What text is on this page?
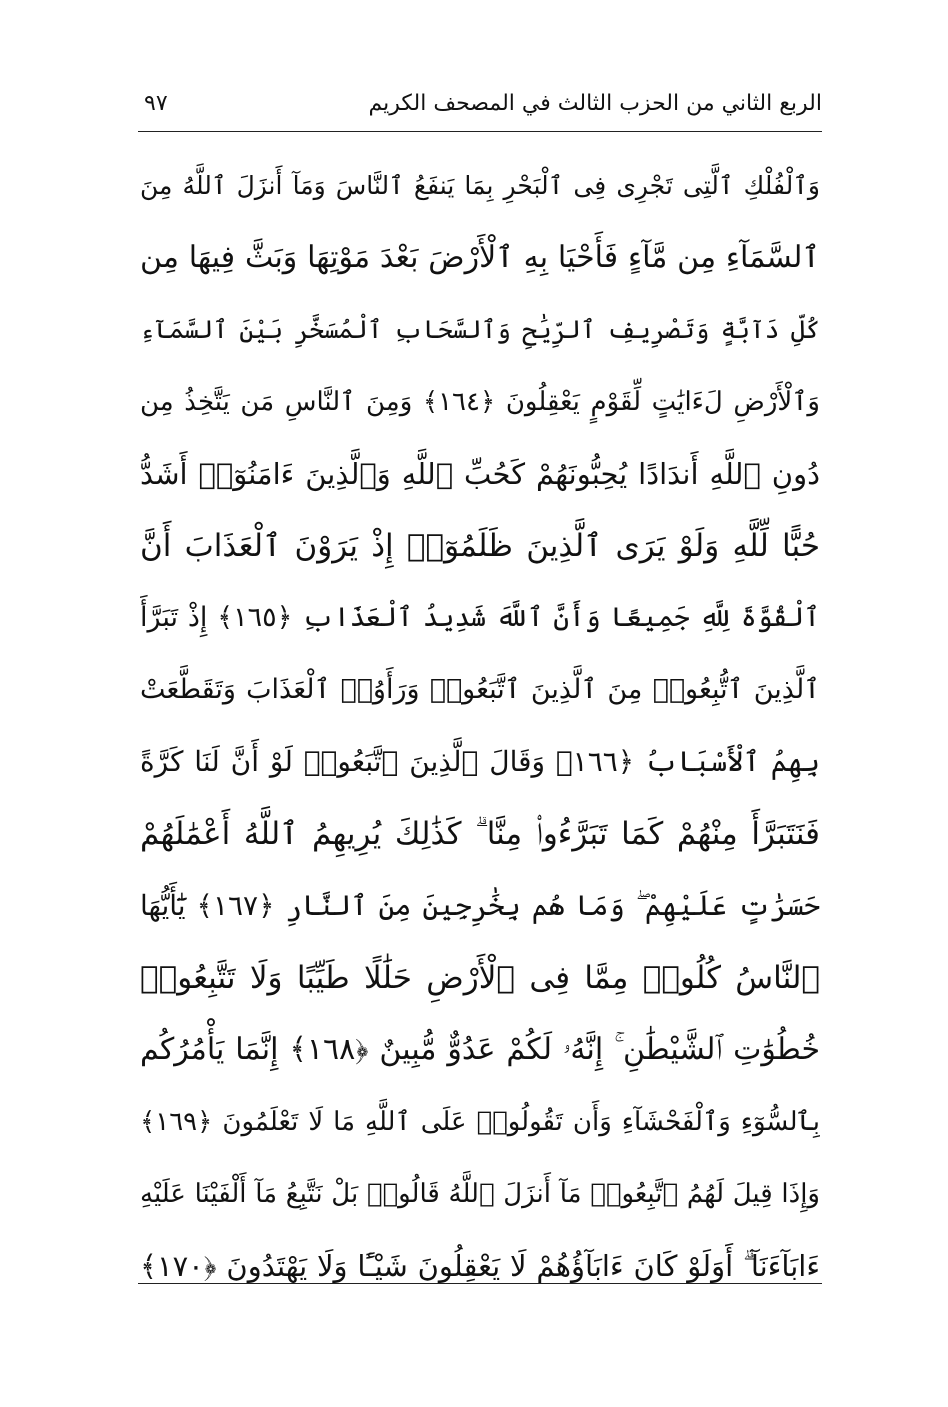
الربع الثاني من الحزب الثالث في المصحف الكريم
٩٧
وَٱلْفُلْكِ ٱلَّتِى تَجْرِى فِى ٱلْبَحْرِ بِمَا يَنفَعُ ٱلنَّاسَ وَمَآ أَنزَلَ ٱللَّهُ مِنَ
ٱلسَّمَآءِ مِن مَّآءٍ فَأَحْيَا بِهِ ٱلْأَرْضَ بَعْدَ مَوْتِهَا وَبَثَّ فِيهَا مِن
كُلِّ دَآبَّةٍ وَتَصْرِيفِ ٱلرِّيَٰحِ وَٱلسَّحَابِ ٱلْمُسَخَّرِ بَيْنَ ٱلسَّمَآءِ
وَٱلْأَرْضِ لَءَايَٰتٍ لِّقَوْمٍ يَعْقِلُونَ ﴿١٦٤﴾ وَمِنَ ٱلنَّاسِ مَن يَتَّخِذُ مِن
دُونِ ٱللَّهِ أَندَادًا يُحِبُّونَهُمْ كَحُبِّ ٱللَّهِ وَٱلَّذِينَ ءَامَنُوٓا۟ أَشَدُّ
حُبًّا لِّلَّهِ وَلَوْ يَرَى ٱلَّذِينَ ظَلَمُوٓا۟ إِذْ يَرَوْنَ ٱلْعَذَابَ أَنَّ
ٱلْقُوَّةَ لِلَّهِ جَمِيعًا وَأَنَّ ٱللَّهَ شَدِيدُ ٱلْعَذَابِ ﴿١٦٥﴾ إِذْ تَبَرَّأَ
ٱلَّذِينَ ٱتُّبِعُوا۟ مِنَ ٱلَّذِينَ ٱتَّبَعُوا۟ وَرَأَوُا۟ ٱلْعَذَابَ وَتَقَطَّعَتْ
بِهِمُ ٱلْأَسْبَابُ ﴿١٦٦﴾ وَقَالَ ٱلَّذِينَ ٱتَّبَعُوا۟ لَوْ أَنَّ لَنَا كَرَّةً
فَنَتَبَرَّأَ مِنْهُمْ كَمَا تَبَرَّءُوا۟ مِنَّا ۗ كَذَٰلِكَ يُرِيهِمُ ٱللَّهُ أَعْمَٰلَهُمْ
حَسَرَٰتٍ عَلَيْهِمْ ۖ وَمَا هُم بِخَٰرِجِينَ مِنَ ٱلنَّارِ ﴿١٦٧﴾ يَٰٓأَيُّهَا
ٱلنَّاسُ كُلُوا۟ مِمَّا فِى ٱلْأَرْضِ حَلَٰلًا طَيِّبًا وَلَا تَتَّبِعُوا۟
خُطُوَٰتِ ٱلشَّيْطَٰنِ ۚ إِنَّهُۥ لَكُمْ عَدُوٌّ مُّبِينٌ ﴿١٦٨﴾ إِنَّمَا يَأْمُرُكُم
بِٱلسُّوٓءِ وَٱلْفَحْشَآءِ وَأَن تَقُولُوا۟ عَلَى ٱللَّهِ مَا لَا تَعْلَمُونَ ﴿١٦٩﴾
وَإِذَا قِيلَ لَهُمُ ٱتَّبِعُوا۟ مَآ أَنزَلَ ٱللَّهُ قَالُوا۟ بَلْ نَتَّبِعُ مَآ أَلْفَيْنَا عَلَيْهِ
ءَابَآءَنَآ ۗ أَوَلَوْ كَانَ ءَابَآؤُهُمْ لَا يَعْقِلُونَ شَيْـًٔا وَلَا يَهْتَدُونَ ﴿١٧٠﴾
